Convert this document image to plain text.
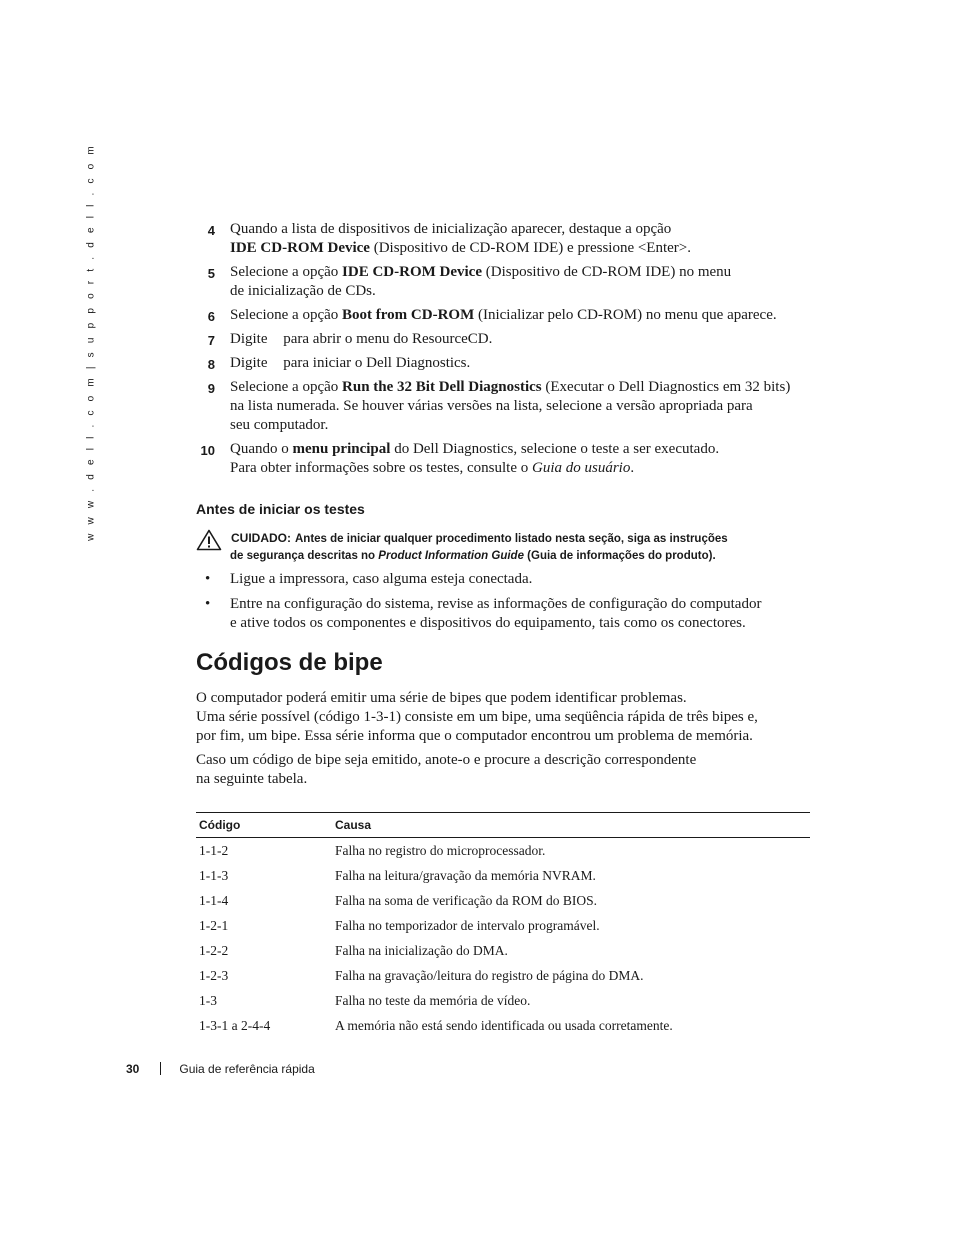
w w w . d e l l . c o m | s u p p o r t . d e l l . c o m	4 Quando a lista de dispositivos de inicialização aparecer, destaque a opção
IDE CD-ROM Device (Dispositivo de CD-ROM IDE) e pressione <Enter>.
5 Selecione a opção IDE CD-ROM Device (Dispositivo de CD-ROM IDE) no menu
de inicialização de CDs.
6 Selecione a opção Boot from CD-ROM (Inicializar pelo CD-ROM) no menu que aparece.
7 Digite para abrir o menu do ResourceCD.
8 Digite para iniciar o Dell Diagnostics.
9 Selecione a opção Run the 32 Bit Dell Diagnostics (Executar o Dell Diagnostics em 32 bits)
na lista numerada. Se houver várias versões na lista, selecione a versão apropriada para
seu computador.
10 Quando o menu principal do Dell Diagnostics, selecione o teste a ser executado.
Para obter informações sobre os testes, consulte o Guia do usuário.
Antes de iniciar os testes
CUIDADO: Antes de iniciar qualquer procedimento listado nesta seção, siga as instruções
de segurança descritas no Product Information Guide (Guia de informações do produto).
• Ligue a impressora, caso alguma esteja conectada.
• Entre na configuração do sistema, revise as informações de configuração do computador
e ative todos os componentes e dispositivos do equipamento, tais como os conectores.
Códigos de bipe

O computador poderá emitir uma série de bipes que podem identificar problemas.
Uma série possível (código 1-3-1) consiste em um bipe, uma seqüência rápida de três bipes e,
por fim, um bipe. Essa série informa que o computador encontrou um problema de memória.

Caso um código de bipe seja emitido, anote-o e procure a descrição correspondente
na seguinte tabela.

Código	Causa
1-1-2	Falha no registro do microprocessador.
1-1-3	Falha na leitura/gravação da memória NVRAM.
1-1-4	Falha na soma de verificação da ROM do BIOS.
1-2-1	Falha no temporizador de intervalo programável.
1-2-2	Falha na inicialização do DMA.
1-2-3	Falha na gravação/leitura do registro de página do DMA.
1-3	Falha no teste da memória de vídeo.
1-3-1 a 2-4-4	A memória não está sendo identificada ou usada corretamente.
30	Guia de referência rápida
